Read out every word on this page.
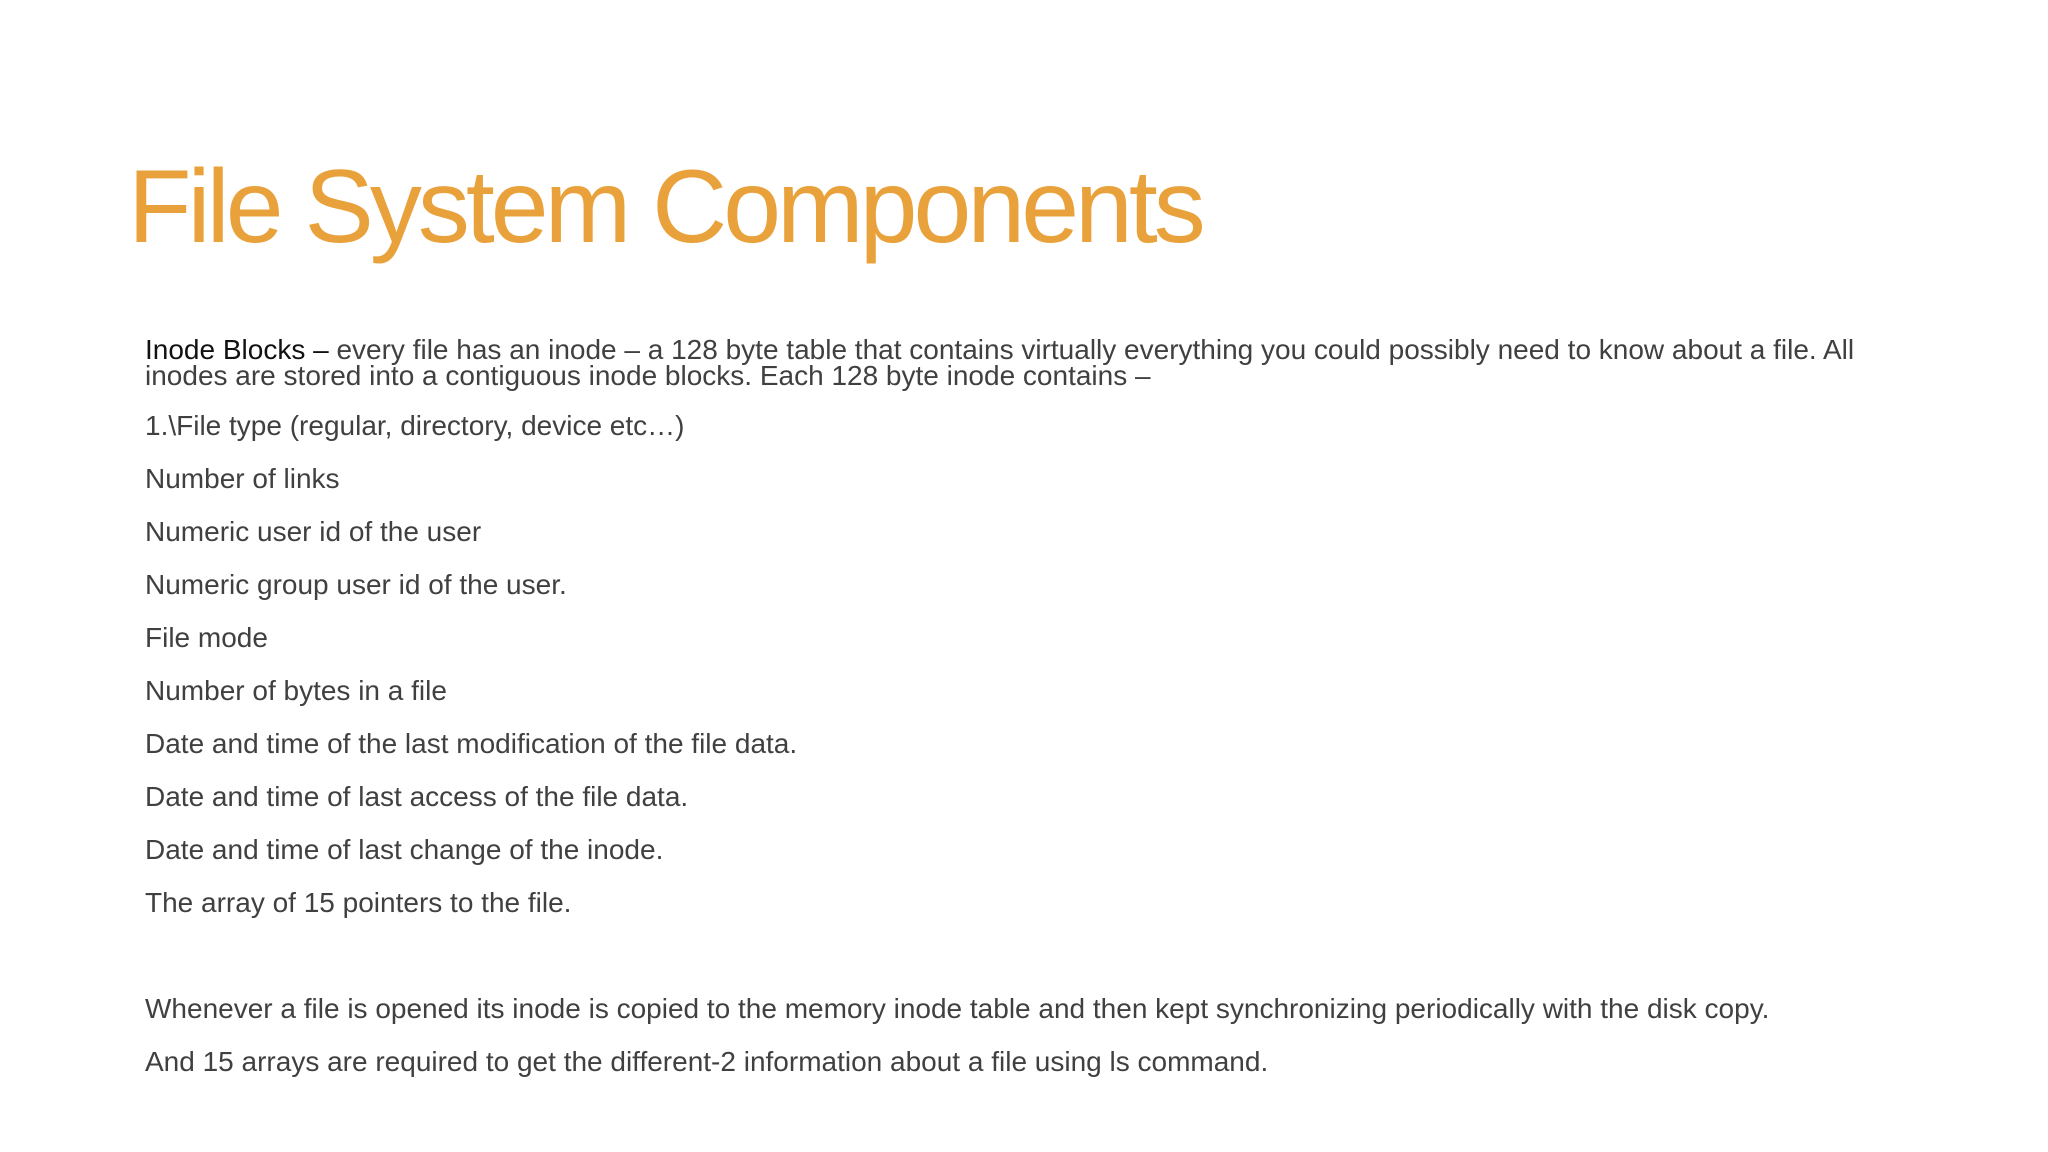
File System Components

Inode Blocks – every file has an inode – a 128 byte table that contains virtually everything you could possibly need to know about a file. All inodes are stored into a contiguous inode blocks. Each 128 byte inode contains –

1.\File type (regular, directory, device etc…)

Number of links

Numeric user id of the user

Numeric group user id of the user.

File mode

Number of bytes in a file

Date and time of the last modification of the file data.

Date and time of last access of the file data.

Date and time of last change of the inode.

The array of 15 pointers to the file.

Whenever a file is opened its inode is copied to the memory inode table and then kept synchronizing periodically with the disk copy.

And 15 arrays are required to get the different-2 information about a file using ls command.
